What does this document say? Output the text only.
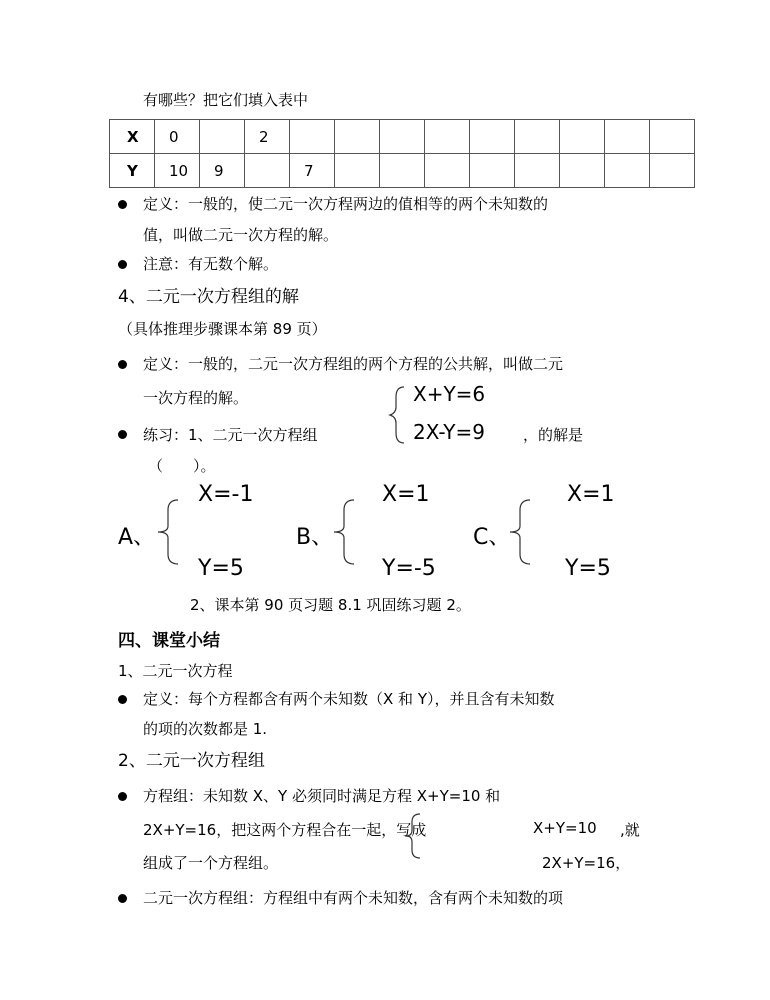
有哪些？把它们填入表中
X	0		2									
Y	10	9		7								
定义：一般的，使二元一次方程两边的值相等的两个未知数的
值，叫做二元一次方程的解。
注意：有无数个解。
4、二元一次方程组的解
（具体推理步骤课本第 89 页）
定义：一般的，二元一次方程组的两个方程的公共解，叫做二元
一次方程的解。	X+Y=6
2X-Y=9
练习：1、二元一次方程组	，的解是
（　　）。
A、
X=-1
Y=5
B、
X=1
Y=-5
C、
X=1
Y=5
2、课本第 90 页习题 8.1 巩固练习题 2。
四、课堂小结
1、二元一次方程
定义：每个方程都含有两个未知数（X 和 Y），并且含有未知数
的项的次数都是 1.
2、二元一次方程组
方程组：未知数 X、Y 必须同时满足方程 X+Y=10 和
2X+Y=16，把这两个方程合在一起，写成	X+Y=10 ,就
组成了一个方程组。	2X+Y=16，
二元一次方程组：方程组中有两个未知数，含有两个未知数的项
